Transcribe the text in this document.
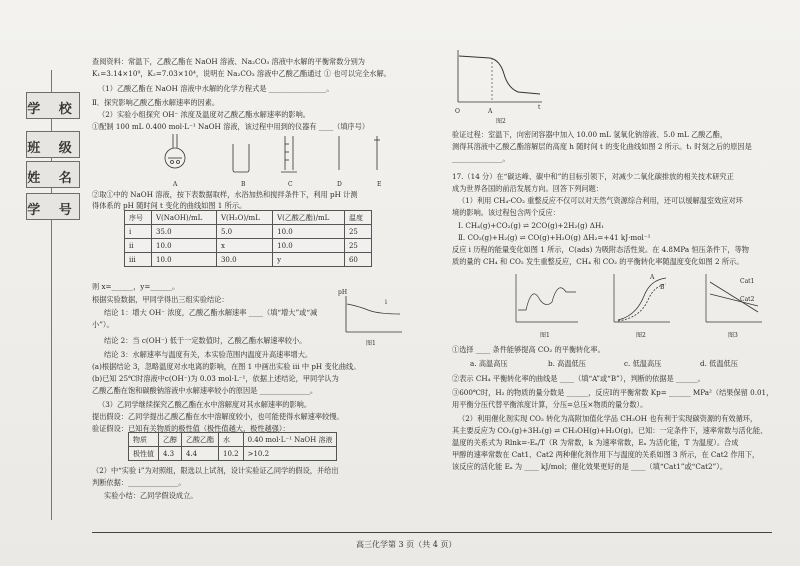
学 校
班 级
姓 名
学 号
查阅资料：常温下，乙酸乙酯在 NaOH 溶液、Na₂CO₃ 溶液中水解的平衡常数分别为
K₁=3.14×10⁹，K₂=7.03×10⁴，说明在 Na₂CO₃ 溶液中乙酸乙酯通过 ① 也可以完全水解。
（1）乙酸乙酯在 NaOH 溶液中水解的化学方程式是 ________________。
Ⅱ．探究影响乙酸乙酯水解速率的因素。
（2）实验小组探究 OH⁻ 浓度及温度对乙酸乙酯水解速率的影响。
①配制 100 mL 0.400 mol·L⁻¹ NaOH 溶液，该过程中用到的仪器有 ____（填序号）
A	B	C	D	E
②取①中的 NaOH 溶液，按下表数据取样，水浴加热和搅拌条件下，利用 pH 计测
得体系的 pH 随时间 t 变化的曲线如图 1 所示。
序号	V(NaOH)/mL	V(H₂O)/mL	V(乙酸乙酯)/mL	温度
i	35.0	5.0	10.0	25
ii	10.0	x	10.0	25
iii	10.0	30.0	y	60
则 x=______，y=______。
根据实验数据，甲同学得出三组实验结论：
结论 1：增大 OH⁻ 浓度，乙酸乙酯水解速率 ____（填“增大”或“减
小”）。
pH
i
图1
结论 2：当 c(OH⁻) 低于一定数值时，乙酸乙酯水解速率较小。
结论 3：水解速率与温度有关，本实验范围内温度升高速率增大。
(a)根据结论 3，忽略温度对水电离的影响，在图 1 中画出实验 iii 中 pH 变化曲线。
(b)已知 25℃时溶液中c(OH⁻)为 0.03 mol·L⁻¹，依据上述结论，甲同学认为
乙酸乙酯在饱和碳酸钠溶液中水解速率较小的原因是 ______________。
（3）乙同学继续探究乙酸乙酯在水中溶解度对其水解速率的影响。
提出假设：乙同学提出乙酸乙酯在水中溶解度较小，也可能使得水解速率较慢。
验证假设：已知有关物质的极性值（极性值越大，极性越强）：
物质	乙醇	乙酸乙酯	水	0.40 mol·L⁻¹ NaOH 溶液
极性值	4.3	4.4	10.2	>10.2
（2）中“实验 i”为对照组，限选以上试剂，设计实验证乙同学的假设，并给出
判断依据：______________。
实验小结：乙同学假设成立。
O	A
t
图2
验证过程：室温下，向密闭容器中加入 10.00 mL 氢氧化钠溶液、5.0 mL 乙酸乙酯，
测得其溶液中乙酸乙酯溶解层的高度 h 随时间 t 的变化曲线如图 2 所示。t₁ 时刻之后的原因是
______________。
17.（14 分）在“碳达峰、碳中和”的目标引领下，对减少二氧化碳排放的相关技术研究正
成为世界各国的前沿发展方向。回答下列问题：
（1）利用 CH₄-CO₂ 重整反应不仅可以对天然气资源综合利用，还可以缓解温室效应对环
境的影响。该过程包含两个反应：
Ⅰ. CH₄(g)+CO₂(g) ⇌ 2CO(g)+2H₂(g) ΔH₁
Ⅱ. CO₂(g)+H₂(g) ⇌ CO(g)+H₂O(g) ΔH₂=+41 kJ·mol⁻¹
反应 i 历程的能量变化如图 1 所示，C(ads) 为吸附态活性炭。在 4.8MPa 恒压条件下，等物
质的量的 CH₄ 和 CO₂ 发生重整反应，CH₄ 和 CO₂ 的平衡转化率随温度变化如图 2 所示。
A
B
Cat1
Cat2
图1	图2	图3
①选择 ____ 条件能够提高 CO₂ 的平衡转化率。
a. 高温高压	b. 高温低压	c. 低温高压	d. 低温低压
②表示 CH₄ 平衡转化率的曲线是 ____（填“A”或“B”），判断的依据是 ______。
③600℃时，H₂ 的物质的量分数是 ______，反应Ⅰ的平衡常数 Kp= ______ MPa²（结果保留 0.01，
用平衡分压代替平衡浓度计算，分压=总压×物质的量分数）。
（2）利用催化剂实现 CO₂ 转化为高附加值化学品 CH₃OH 也有利于实现碳资源的有效循环，
其主要反应为 CO₂(g)+3H₂(g) ⇌ CH₃OH(g)+H₂O(g)。已知：一定条件下，速率常数与活化能、
温度的关系式为 Rlnk=-Eₐ/T（R 为常数，k 为速率常数，Eₐ 为活化能，T 为温度）。合成
甲醇的速率常数在 Cat1、Cat2 两种催化剂作用下与温度的关系如图 3 所示，在 Cat2 作用下，
该反应的活化能 Eₐ 为 ____ kJ/mol；催化效果更好的是 ____（填“Cat1”或“Cat2”）。
高三化学第 3 页（共 4 页）
